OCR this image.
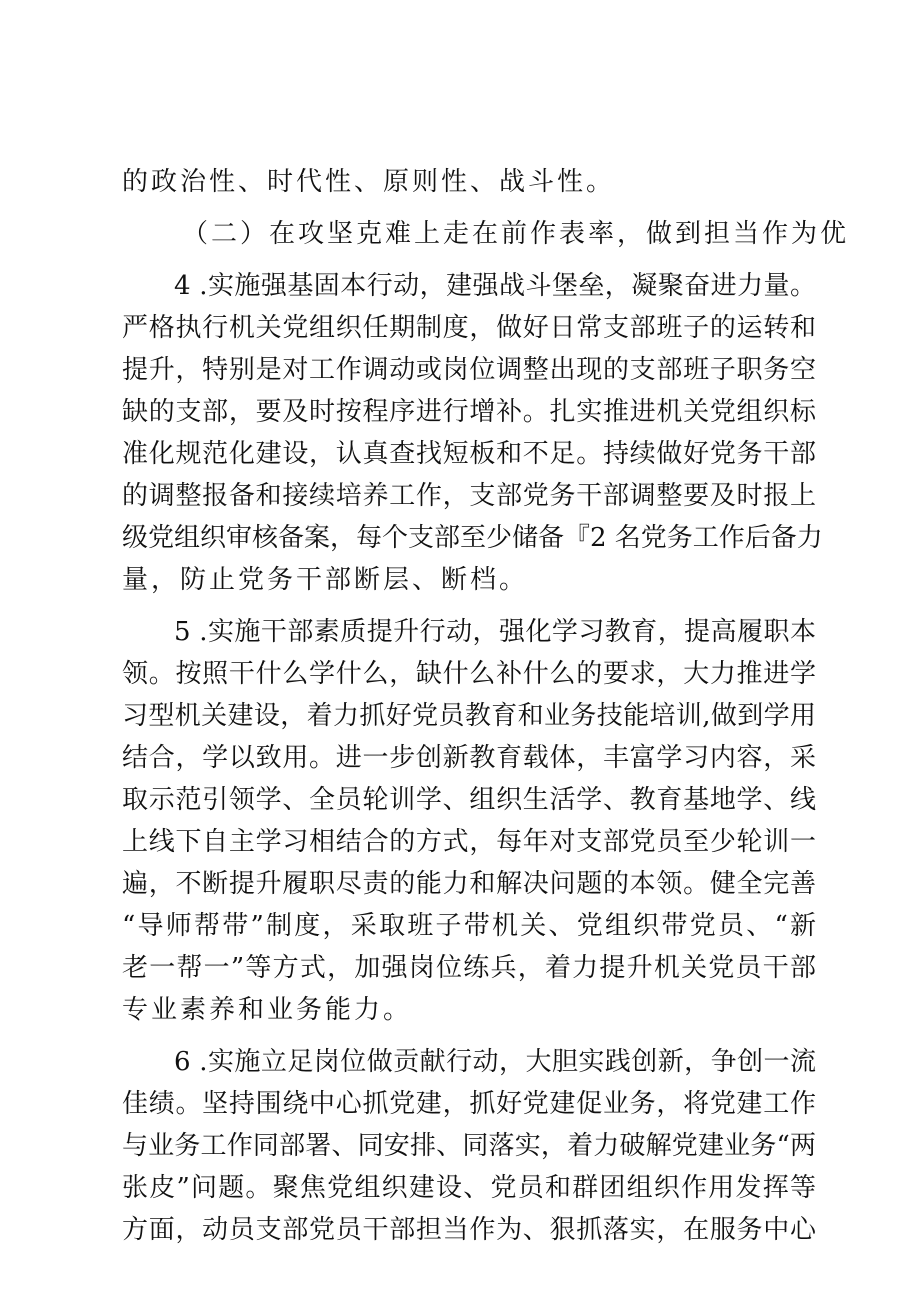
的政治性、时代性、原则性、战斗性。
（二）在攻坚克难上走在前作表率，做到担当作为优
4 .实施强基固本行动，建强战斗堡垒，凝聚奋进力量。
严格执行机关党组织任期制度，做好日常支部班子的运转和
提升，特别是对工作调动或岗位调整出现的支部班子职务空
缺的支部，要及时按程序进行增补。扎实推进机关党组织标
准化规范化建设，认真查找短板和不足。持续做好党务干部
的调整报备和接续培养工作，支部党务干部调整要及时报上
级党组织审核备案，每个支部至少储备『2 名党务工作后备力
量，防止党务干部断层、断档。
5 .实施干部素质提升行动，强化学习教育，提高履职本
领。按照干什么学什么，缺什么补什么的要求，大力推进学
习型机关建设，着力抓好党员教育和业务技能培训,做到学用
结合，学以致用。进一步创新教育载体，丰富学习内容，采
取示范引领学、全员轮训学、组织生活学、教育基地学、线
上线下自主学习相结合的方式，每年对支部党员至少轮训一
遍，不断提升履职尽责的能力和解决问题的本领。健全完善
“导师帮带”制度，采取班子带机关、党组织带党员、“新
老一帮一”等方式，加强岗位练兵，着力提升机关党员干部
专业素养和业务能力。
6 .实施立足岗位做贡献行动，大胆实践创新，争创一流
佳绩。坚持围绕中心抓党建，抓好党建促业务，将党建工作
与业务工作同部署、同安排、同落实，着力破解党建业务“两
张皮”问题。聚焦党组织建设、党员和群团组织作用发挥等
方面，动员支部党员干部担当作为、狠抓落实，在服务中心
